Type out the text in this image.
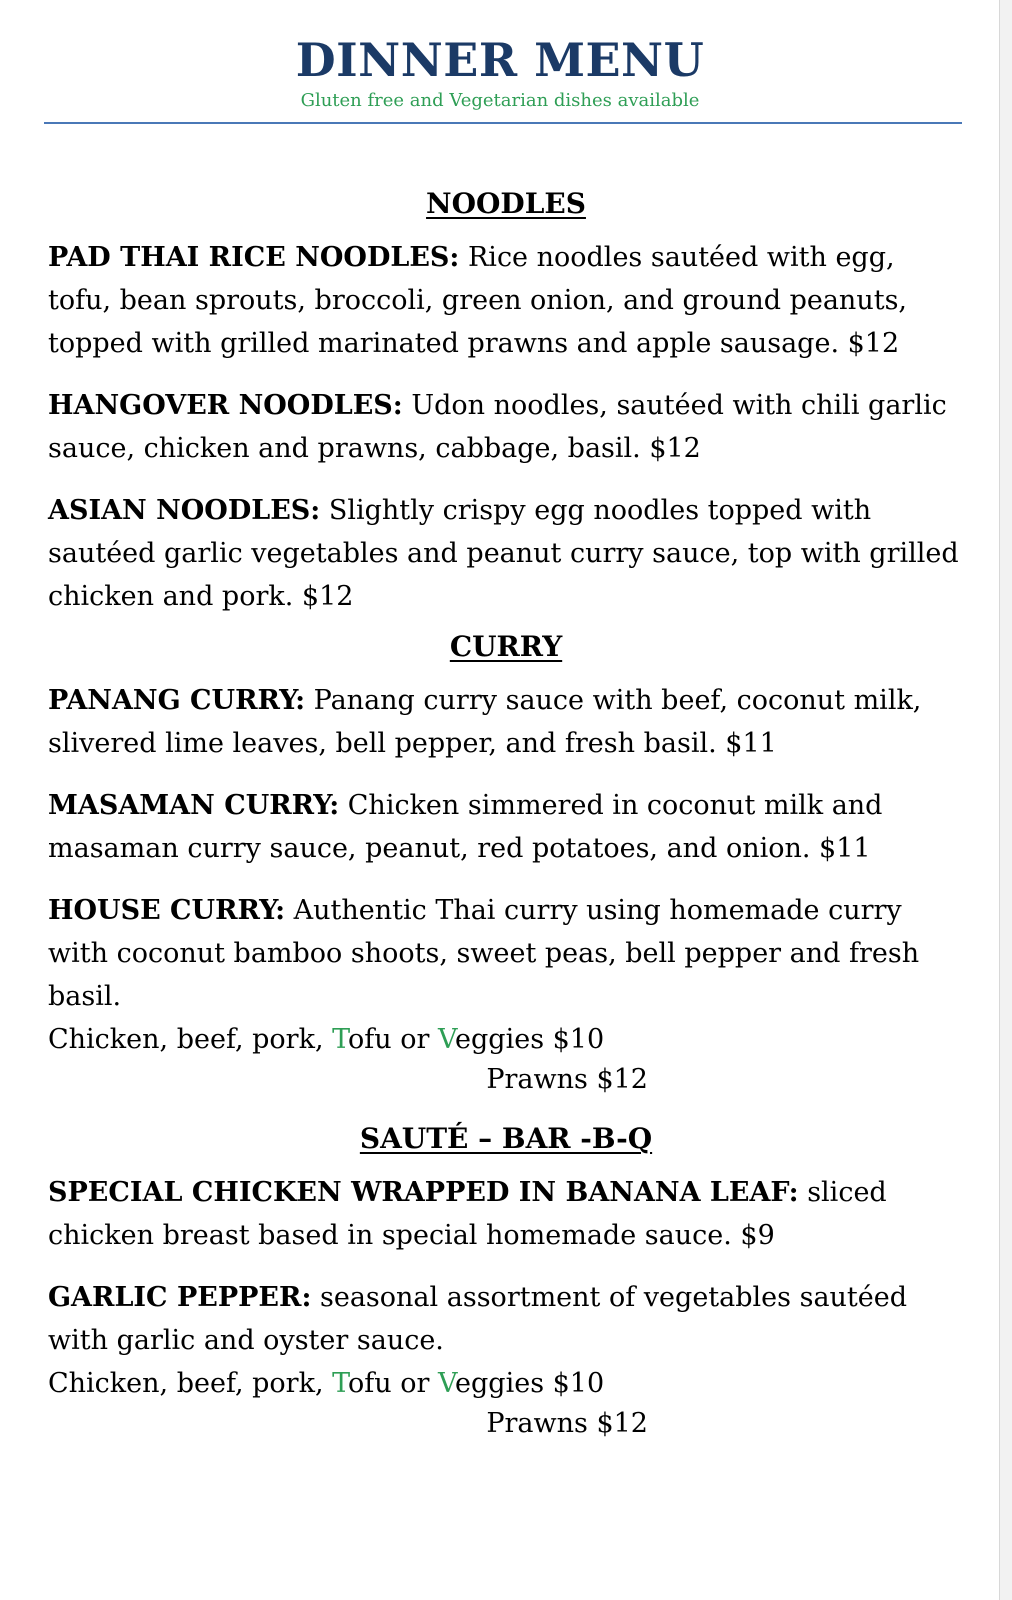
DINNER MENU
Gluten free and Vegetarian dishes available
NOODLES
PAD THAI RICE NOODLES: Rice noodles sautéed with egg, tofu, bean sprouts, broccoli, green onion, and ground peanuts, topped with grilled marinated prawns and apple sausage. $12
HANGOVER NOODLES: Udon noodles, sautéed with chili garlic sauce, chicken and prawns, cabbage, basil. $12
ASIAN NOODLES: Slightly crispy egg noodles topped with sautéed garlic vegetables and peanut curry sauce, top with grilled chicken and pork. $12
CURRY
PANANG CURRY: Panang curry sauce with beef, coconut milk, slivered lime leaves, bell pepper, and fresh basil. $11
MASAMAN CURRY: Chicken simmered in coconut milk and masaman curry sauce, peanut, red potatoes, and onion. $11
HOUSE CURRY: Authentic Thai curry using homemade curry with coconut bamboo shoots, sweet peas, bell pepper and fresh basil.
Chicken, beef, pork, Tofu or Veggies $10
Prawns $12
SAUTÉ – BAR -B-Q
SPECIAL CHICKEN WRAPPED IN BANANA LEAF: sliced chicken breast based in special homemade sauce. $9
GARLIC PEPPER: seasonal assortment of vegetables sautéed with garlic and oyster sauce.
Chicken, beef, pork, Tofu or Veggies $10
Prawns $12
